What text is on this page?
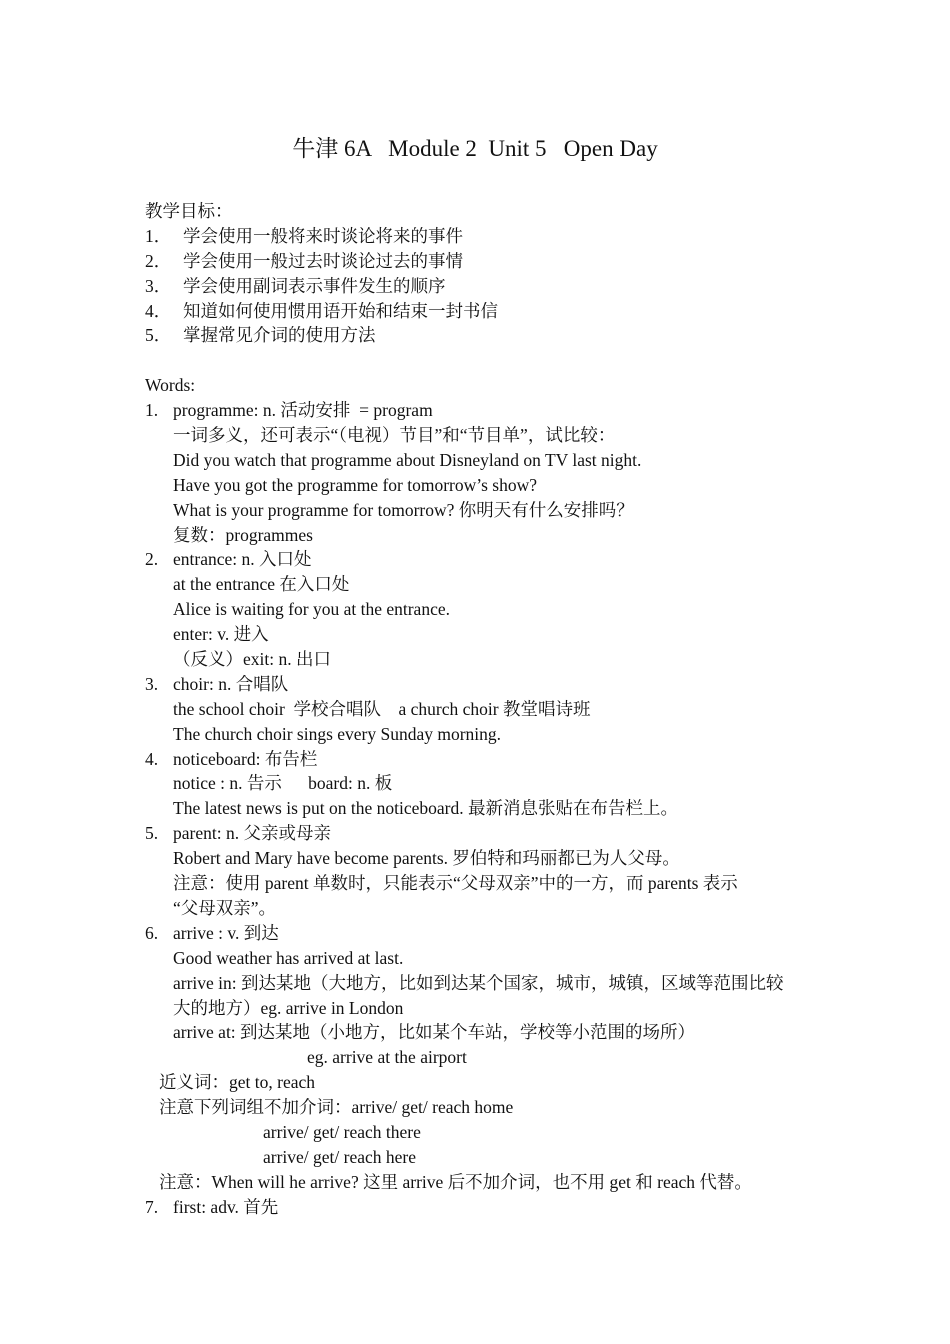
牛津 6A   Module 2  Unit 5   Open Day
教学目标：
1． 学会使用一般将来时谈论将来的事件
2． 学会使用一般过去时谈论过去的事情
3． 学会使用副词表示事件发生的顺序
4． 知道如何使用惯用语开始和结束一封书信
5． 掌握常见介词的使用方法
Words:
1. programme: n. 活动安排  = program
一词多义，还可表示“（电视）节目”和“节目单”，试比较：
Did you watch that programme about Disneyland on TV last night.
Have you got the programme for tomorrow’s show?
What is your programme for tomorrow? 你明天有什么安排吗？
复数：programmes
2. entrance: n. 入口处
at the entrance 在入口处
Alice is waiting for you at the entrance.
enter: v. 进入
（反义）exit: n. 出口
3. choir: n. 合唱队
the school choir  学校合唱队    a church choir 教堂唱诗班
The church choir sings every Sunday morning.
4. noticeboard: 布告栏
notice : n. 告示      board: n. 板
The latest news is put on the noticeboard. 最新消息张贴在布告栏上。
5. parent: n. 父亲或母亲
Robert and Mary have become parents. 罗伯特和玛丽都已为人父母。
注意：使用 parent 单数时，只能表示“父母双亲”中的一方，而 parents 表示
“父母双亲”。
6. arrive : v. 到达
Good weather has arrived at last.
arrive in: 到达某地（大地方，比如到达某个国家，城市，城镇，区域等范围比较
大的地方）eg. arrive in London
arrive at: 到达某地（小地方，比如某个车站，学校等小范围的场所）
eg. arrive at the airport
近义词：get to, reach
注意下列词组不加介词：arrive/ get/ reach home
arrive/ get/ reach there
arrive/ get/ reach here
注意：When will he arrive? 这里 arrive 后不加介词，也不用 get 和 reach 代替。
7. first: adv. 首先
